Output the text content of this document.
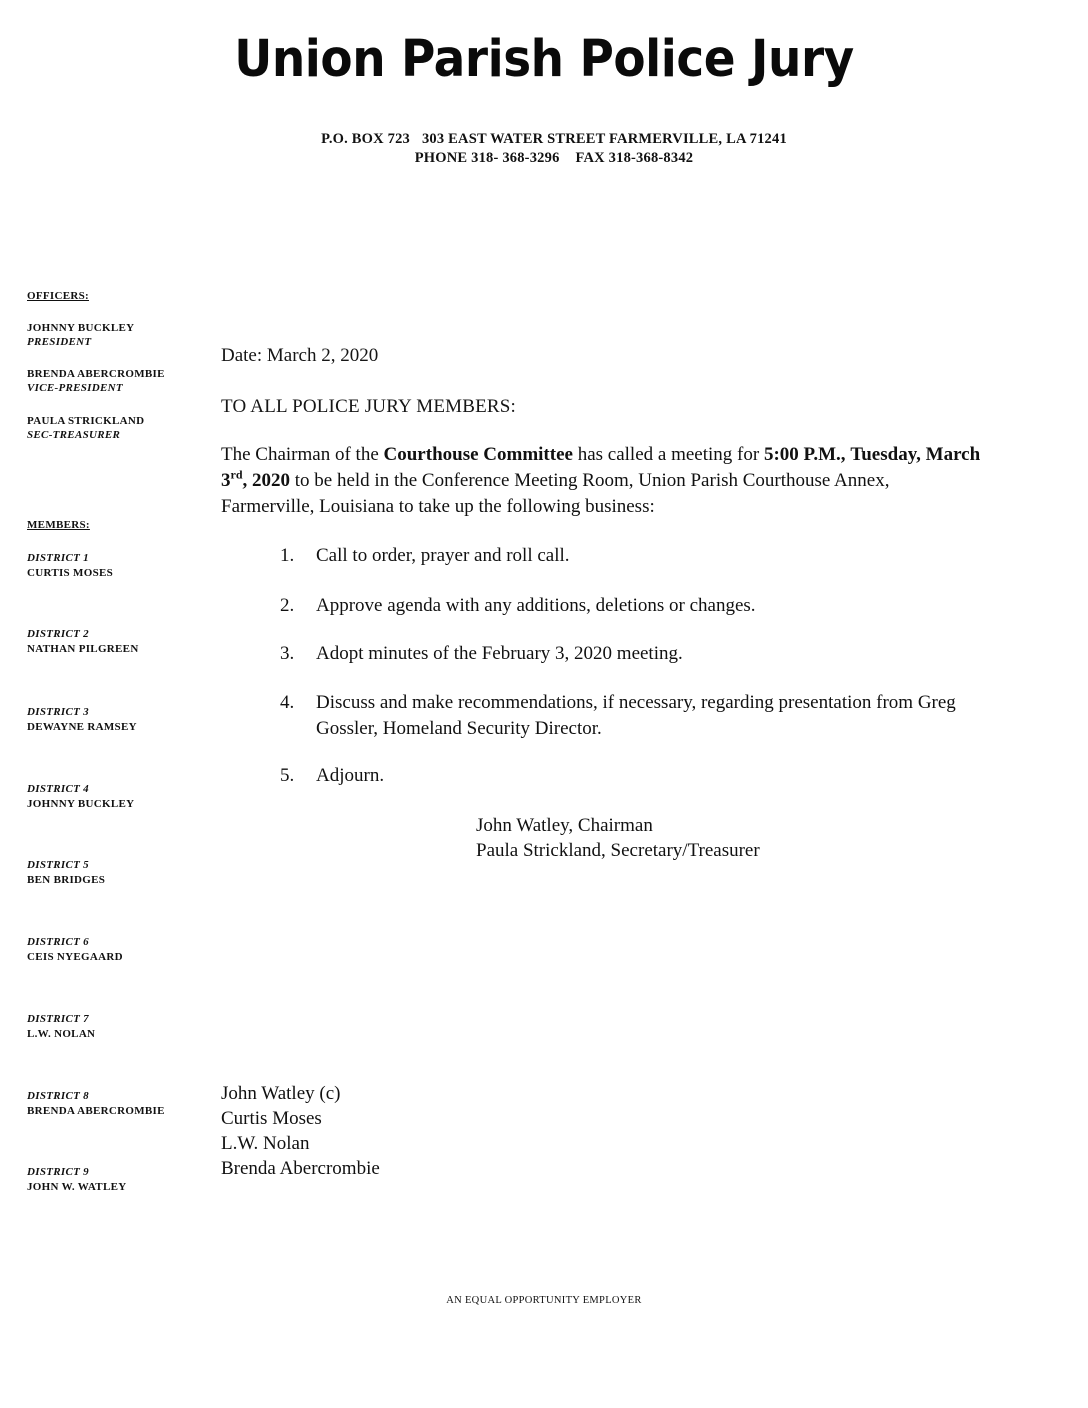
Union Parish Police Jury
P.O. BOX 723 303 EAST WATER STREET FARMERVILLE, LA 71241
PHONE 318- 368-3296 FAX 318-368-8342
OFFICERS:
JOHNNY BUCKLEY
PRESIDENT
BRENDA ABERCROMBIE
VICE-PRESIDENT
PAULA STRICKLAND
SEC-TREASURER
MEMBERS:
DISTRICT 1
CURTIS MOSES
DISTRICT 2
NATHAN PILGREEN
DISTRICT 3
DEWAYNE RAMSEY
DISTRICT 4
JOHNNY BUCKLEY
DISTRICT 5
BEN BRIDGES
DISTRICT 6
CEIS NYEGAARD
DISTRICT 7
L.W. NOLAN
DISTRICT 8
BRENDA ABERCROMBIE
DISTRICT 9
JOHN W. WATLEY
Date: March 2, 2020
TO ALL POLICE JURY MEMBERS:
The Chairman of the Courthouse Committee has called a meeting for 5:00 P.M., Tuesday, March 3rd, 2020 to be held in the Conference Meeting Room, Union Parish Courthouse Annex, Farmerville, Louisiana to take up the following business:
1.	Call to order, prayer and roll call.
2.	Approve agenda with any additions, deletions or changes.
3.	Adopt minutes of the February 3, 2020 meeting.
4.	Discuss and make recommendations, if necessary, regarding presentation from Greg Gossler, Homeland Security Director.
5.	Adjourn.
John Watley, Chairman
Paula Strickland, Secretary/Treasurer
John Watley (c)
Curtis Moses
L.W. Nolan
Brenda Abercrombie
AN EQUAL OPPORTUNITY EMPLOYER
